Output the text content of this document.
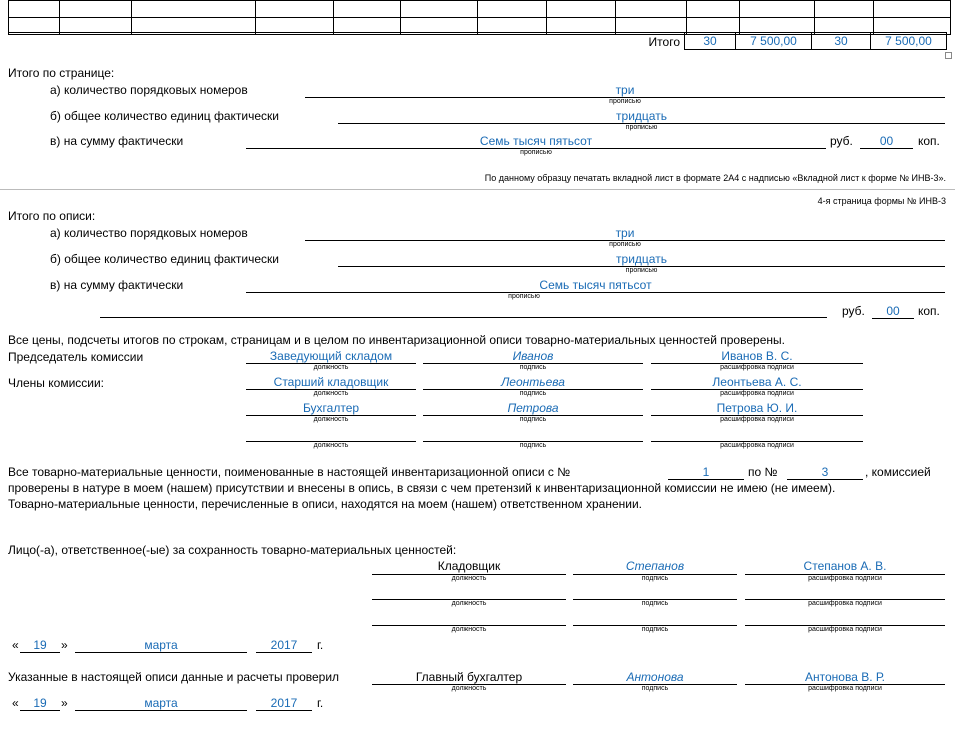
Итого	30	7 500,00	30	7 500,00
Итого по странице:
а) количество порядковых номеров	три
прописью
б) общее количество единиц фактически	тридцать
прописью
в) на сумму фактически	Семь тысяч пятьсот
прописью
руб.	00	коп.
По данному образцу печатать вкладной лист в формате 2А4 с надписью «Вкладной лист к форме № ИНВ-3».
4-я страница формы № ИНВ-3
Итого по описи:
а) количество порядковых номеров	три
прописью
б) общее количество единиц фактически	тридцать
прописью
в) на сумму фактически	Семь тысяч пятьсот
прописью
руб.	00	коп.
Все цены, подсчеты итогов по строкам, страницам и в целом по инвентаризационной описи товарно-материальных ценностей проверены.
Председатель комиссии
Члены комиссии:
Заведующий складом	Иванов	Иванов В. С.
должность	подпись	расшифровка подписи
Старший кладовщик	Леонтьева	Леонтьева А. С.
должность	подпись	расшифровка подписи
Бухгалтер	Петрова	Петрова Ю. И.
должность	подпись	расшифровка подписи
должность	подпись	расшифровка подписи
Все товарно-материальные ценности, поименованные в настоящей инвентаризационной описи с №	1	по №	3	, комиссией
проверены в натуре в моем (нашем) присутствии и внесены в опись, в связи с чем претензий к инвентаризационной комиссии не имею (не имеем).
Товарно-материальные ценности, перечисленные в описи, находятся на моем (нашем) ответственном хранении.
Лицо(-а), ответственное(-ые) за сохранность товарно-материальных ценностей:
Кладовщик	Степанов	Степанов А. В.
должность	подпись	расшифровка подписи
должность	подпись	расшифровка подписи
должность	подпись	расшифровка подписи
«	19	»	марта	2017	г.
Указанные в настоящей описи данные и расчеты проверил	Главный бухгалтер	Антонова	Антонова В. Р.
должность	подпись	расшифровка подписи
«	19	»	марта	2017	г.
